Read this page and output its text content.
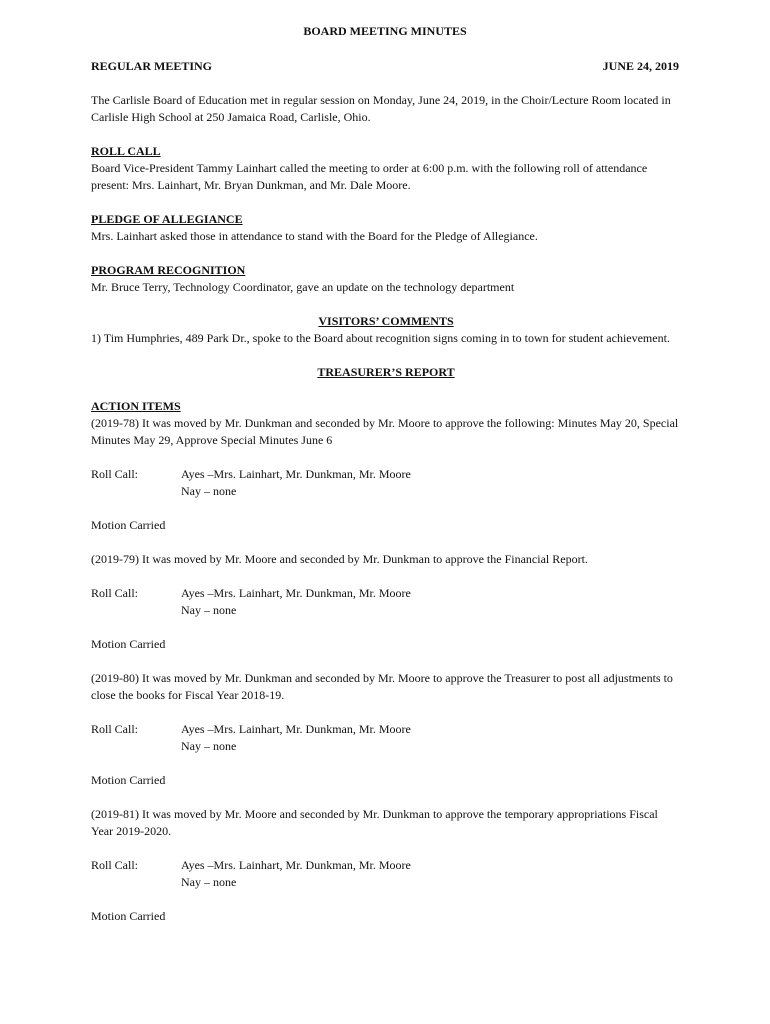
BOARD MEETING MINUTES
REGULAR MEETING	JUNE 24, 2019

The Carlisle Board of Education met in regular session on Monday, June 24, 2019, in the Choir/Lecture Room located in Carlisle High School at 250 Jamaica Road, Carlisle, Ohio.

ROLL CALL

Board Vice-President Tammy Lainhart called the meeting to order at 6:00 p.m. with the following roll of attendance present: Mrs. Lainhart, Mr. Bryan Dunkman, and Mr. Dale Moore.

PLEDGE OF ALLEGIANCE

Mrs. Lainhart asked those in attendance to stand with the Board for the Pledge of Allegiance.

PROGRAM RECOGNITION

Mr. Bruce Terry, Technology Coordinator, gave an update on the technology department

VISITORS’ COMMENTS

1) Tim Humphries, 489 Park Dr., spoke to the Board about recognition signs coming in to town for student achievement.

TREASURER’S REPORT

ACTION ITEMS

(2019-78) It was moved by Mr. Dunkman and seconded by Mr. Moore to approve the following: Minutes May 20, Special Minutes May 29, Approve Special Minutes June 6

Roll Call:	Ayes –Mrs. Lainhart, Mr. Dunkman, Mr. Moore
Nay – none

Motion Carried

(2019-79) It was moved by Mr. Moore and seconded by Mr. Dunkman to approve the Financial Report.

Roll Call:	Ayes –Mrs. Lainhart, Mr. Dunkman, Mr. Moore
Nay – none

Motion Carried

(2019-80) It was moved by Mr. Dunkman and seconded by Mr. Moore to approve the Treasurer to post all adjustments to close the books for Fiscal Year 2018-19.

Roll Call:	Ayes –Mrs. Lainhart, Mr. Dunkman, Mr. Moore
Nay – none

Motion Carried

(2019-81) It was moved by Mr. Moore and seconded by Mr. Dunkman to approve the temporary appropriations Fiscal Year 2019-2020.

Roll Call:	Ayes –Mrs. Lainhart, Mr. Dunkman, Mr. Moore
Nay – none

Motion Carried
